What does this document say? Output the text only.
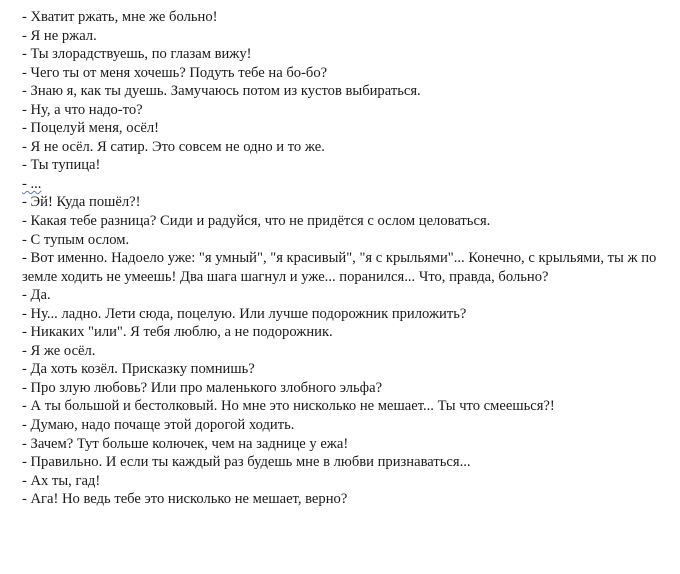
- Хватит ржать, мне же больно!
- Я не ржал.
- Ты злорадствуешь, по глазам вижу!
- Чего ты от меня хочешь? Подуть тебе на бо-бо?
- Знаю я, как ты дуешь. Замучаюсь потом из кустов выбираться.
- Ну, а что надо-то?
- Поцелуй меня, осёл!
- Я не осёл. Я сатир. Это совсем не одно и то же.
- Ты тупица!
- ...
- Эй! Куда пошёл?!
- Какая тебе разница? Сиди и радуйся, что не придётся с ослом целоваться.
- С тупым ослом.
- Вот именно. Надоело уже: "я умный", "я красивый", "я с крыльями"... Конечно, с крыльями, ты ж по земле ходить не умеешь! Два шага шагнул и уже... поранился... Что, правда, больно?
- Да.
- Ну... ладно. Лети сюда, поцелую. Или лучше подорожник приложить?
- Никаких "или". Я тебя люблю, а не подорожник.
- Я же осёл.
- Да хоть козёл. Присказку помнишь?
- Про злую любовь? Или про маленького злобного эльфа?
- А ты большой и бестолковый. Но мне это нисколько не мешает... Ты что смеешься?!
- Думаю, надо почаще этой дорогой ходить.
- Зачем? Тут больше колючек, чем на заднице у ежа!
- Правильно. И если ты каждый раз будешь мне в любви признаваться...
- Ах ты, гад!
- Ага! Но ведь тебе это нисколько не мешает, верно?
